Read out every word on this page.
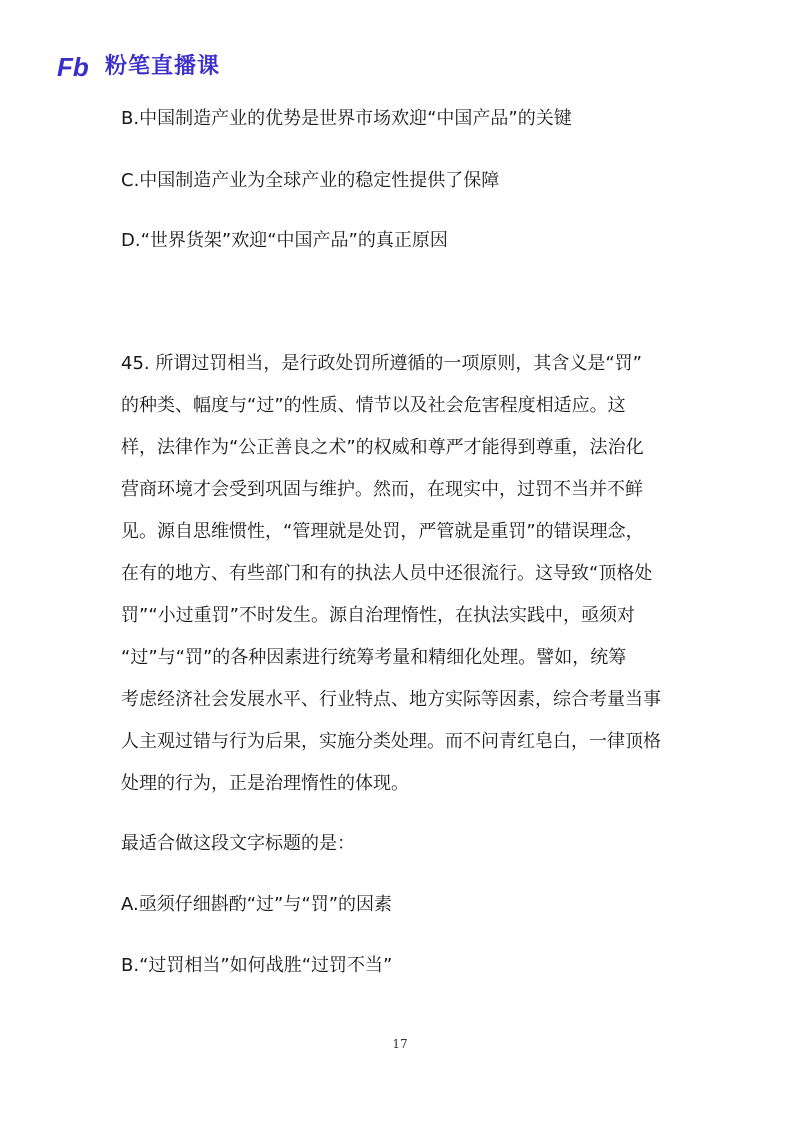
Fb 粉笔直播课
B.中国制造产业的优势是世界市场欢迎“中国产品”的关键
C.中国制造产业为全球产业的稳定性提供了保障
D.“世界货架”欢迎“中国产品”的真正原因
45. 所谓过罚相当，是行政处罚所遵循的一项原则，其含义是“罚”
的种类、幅度与“过”的性质、情节以及社会危害程度相适应。这
样，法律作为“公正善良之术”的权威和尊严才能得到尊重，法治化
营商环境才会受到巩固与维护。然而，在现实中，过罚不当并不鲜
见。源自思维惯性，“管理就是处罚，严管就是重罚”的错误理念，
在有的地方、有些部门和有的执法人员中还很流行。这导致“顶格处
罚”“小过重罚”不时发生。源自治理惰性，在执法实践中，亟须对
“过”与“罚”的各种因素进行统筹考量和精细化处理。譬如，统筹
考虑经济社会发展水平、行业特点、地方实际等因素，综合考量当事
人主观过错与行为后果，实施分类处理。而不问青红皂白，一律顶格
处理的行为，正是治理惰性的体现。
最适合做这段文字标题的是：
A.亟须仔细斟酌“过”与“罚”的因素
B.“过罚相当”如何战胜“过罚不当”
17
